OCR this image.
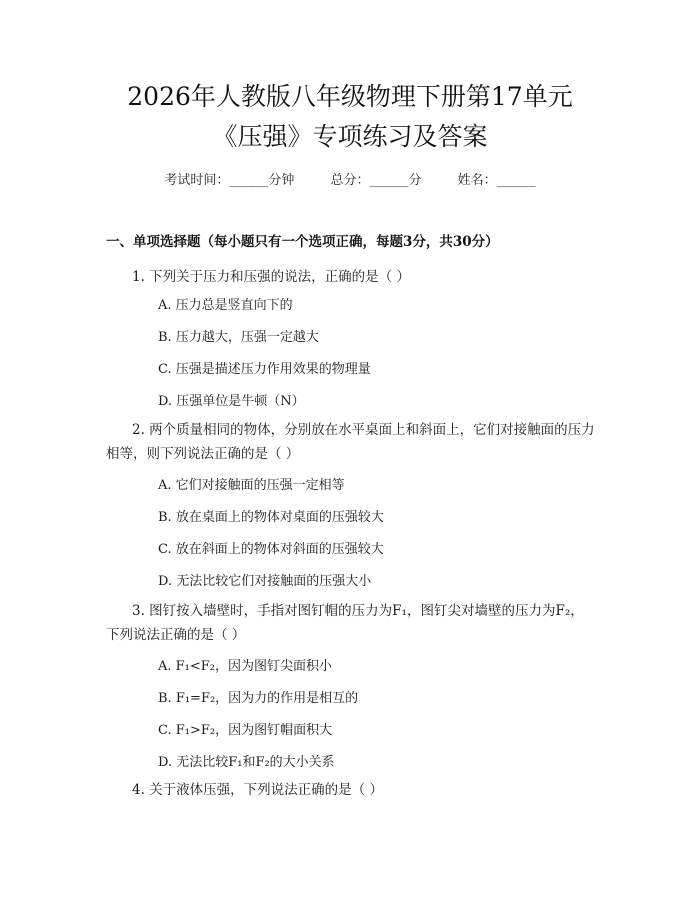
2026年人教版八年级物理下册第17单元
《压强》专项练习及答案
考试时间：______分钟	总分：______分	姓名：______
一、单项选择题（每小题只有一个选项正确，每题3分，共30分）
1. 下列关于压力和压强的说法，正确的是（ ）
A. 压力总是竖直向下的
B. 压力越大，压强一定越大
C. 压强是描述压力作用效果的物理量
D. 压强单位是牛顿（N）
2. 两个质量相同的物体，分别放在水平桌面上和斜面上，它们对接触面的压力相等，则下列说法正确的是（ ）
A. 它们对接触面的压强一定相等
B. 放在桌面上的物体对桌面的压强较大
C. 放在斜面上的物体对斜面的压强较大
D. 无法比较它们对接触面的压强大小
3. 图钉按入墙壁时，手指对图钉帽的压力为F₁，图钉尖对墙壁的压力为F₂，下列说法正确的是（ ）
A. F₁<F₂，因为图钉尖面积小
B. F₁=F₂，因为力的作用是相互的
C. F₁>F₂，因为图钉帽面积大
D. 无法比较F₁和F₂的大小关系
4. 关于液体压强，下列说法正确的是（ ）
